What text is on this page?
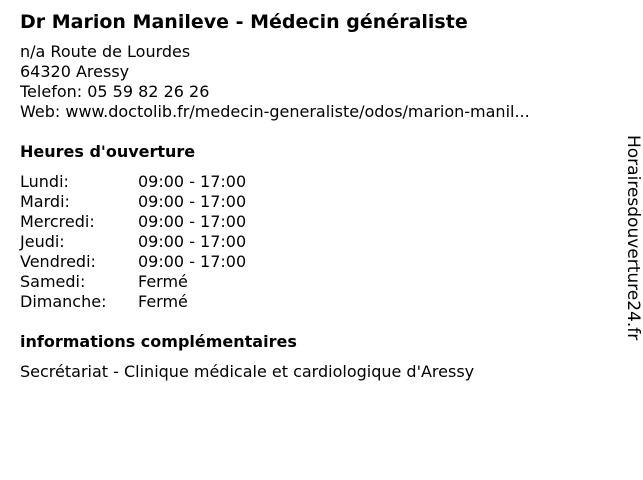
Dr Marion Manileve - Médecin généraliste
n/a Route de Lourdes
64320 Aressy
Telefon: 05 59 82 26 26
Web: www.doctolib.fr/medecin-generaliste/odos/marion-manil...
Heures d'ouverture
Lundi:	09:00 - 17:00
Mardi:	09:00 - 17:00
Mercredi:	09:00 - 17:00
Jeudi:	09:00 - 17:00
Vendredi:	09:00 - 17:00
Samedi:	Fermé
Dimanche:	Fermé
informations complémentaires
Secrétariat - Clinique médicale et cardiologique d'Aressy
Horairesdouverture24.fr
